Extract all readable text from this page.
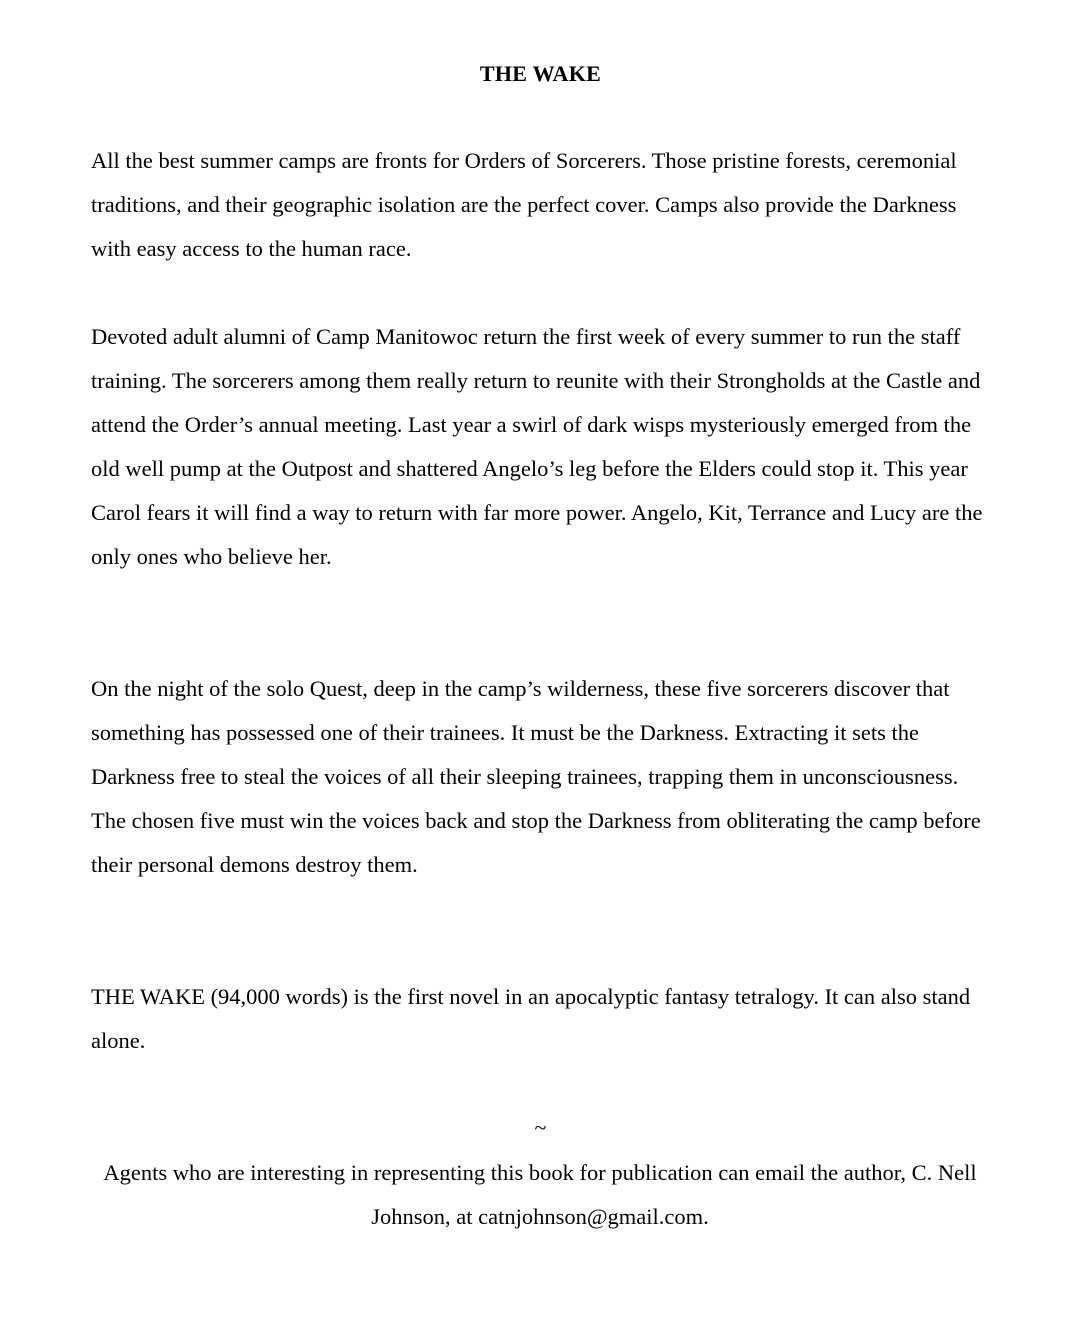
THE WAKE

All the best summer camps are fronts for Orders of Sorcerers. Those pristine forests, ceremonial traditions, and their geographic isolation are the perfect cover. Camps also provide the Darkness with easy access to the human race.

Devoted adult alumni of Camp Manitowoc return the first week of every summer to run the staff training. The sorcerers among them really return to reunite with their Strongholds at the Castle and attend the Order’s annual meeting. Last year a swirl of dark wisps mysteriously emerged from the old well pump at the Outpost and shattered Angelo’s leg before the Elders could stop it. This year Carol fears it will find a way to return with far more power. Angelo, Kit, Terrance and Lucy are the only ones who believe her.

On the night of the solo Quest, deep in the camp’s wilderness, these five sorcerers discover that something has possessed one of their trainees. It must be the Darkness. Extracting it sets the Darkness free to steal the voices of all their sleeping trainees, trapping them in unconsciousness. The chosen five must win the voices back and stop the Darkness from obliterating the camp before their personal demons destroy them.

THE WAKE (94,000 words) is the first novel in an apocalyptic fantasy tetralogy. It can also stand alone.

~

Agents who are interesting in representing this book for publication can email the author, C. Nell Johnson, at catnjohnson@gmail.com.
